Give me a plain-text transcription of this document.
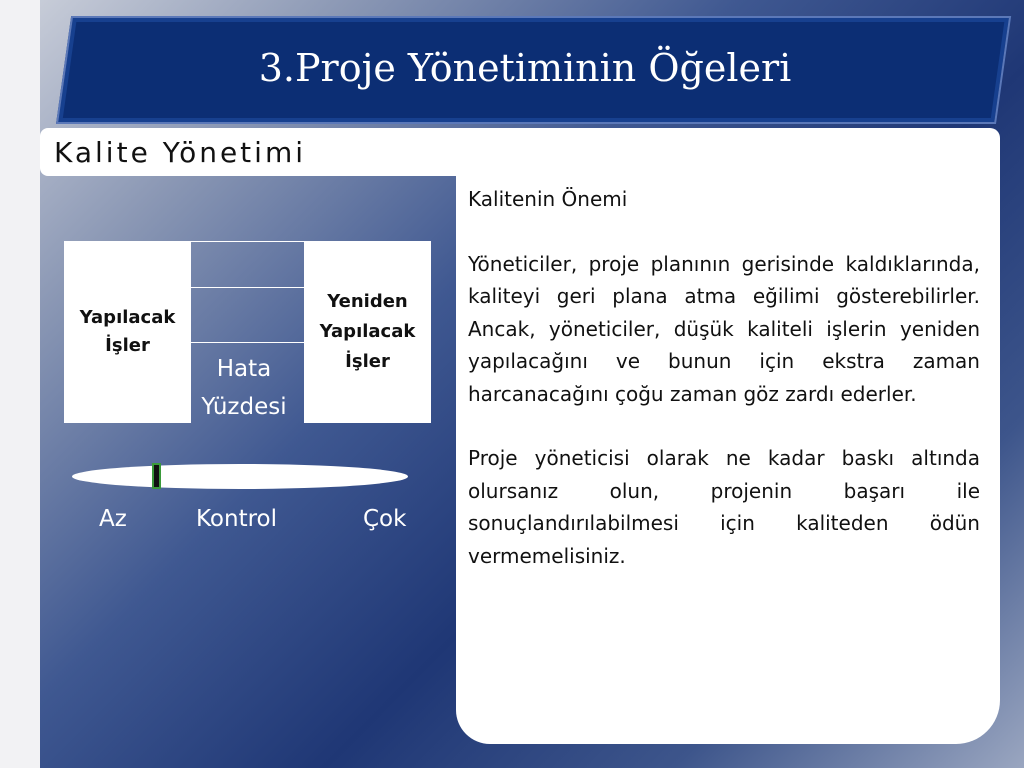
3.Proje Yönetiminin Öğeleri
Kalite Yönetimi
Yapılacak
İşler
Yeniden
Yapılacak
İşler
Hata
Yüzdesi
Az	Kontrol	Çok

Kalitenin Önemi

Yöneticiler, proje planının gerisinde kaldıklarında, kaliteyi geri plana atma eğilimi gösterebilirler. Ancak, yöneticiler, düşük kaliteli işlerin yeniden yapılacağını ve bunun için ekstra zaman harcanacağını çoğu zaman göz zardı ederler.

Proje yöneticisi olarak ne kadar baskı altında olursanız olun, projenin başarı ile sonuçlandırılabilmesi için kaliteden ödün vermemelisiniz.
